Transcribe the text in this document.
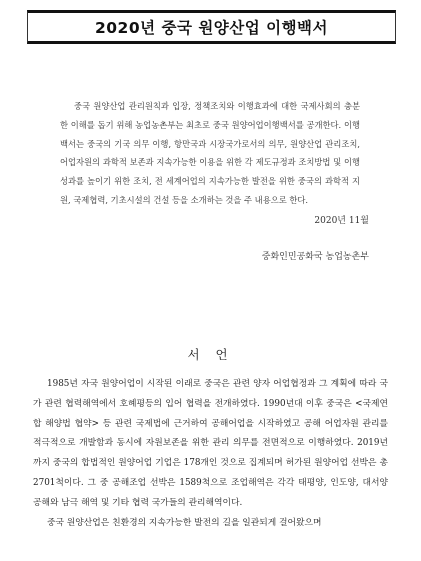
2020년 중국 원양산업 이행백서

중국 원양산업 관리원칙과 입장, 정책조치와 이행효과에 대한 국제사회의 충분한 이해를 돕기 위해 농업농촌부는 최초로 중국 원양어업이행백서를 공개한다. 이행백서는 중국의 기국 의무 이행, 항만국과 시장국가로서의 의무, 원양산업 관리조치, 어업자원의 과학적 보존과 지속가능한 이용을 위한 각 제도규정과 조치방법 및 이행성과를 높이기 위한 조치, 전 세계어업의 지속가능한 발전을 위한 중국의 과학적 지원, 국제협력, 기초시설의 건설 등을 소개하는 것을 주 내용으로 한다.

2020년 11월
중화인민공화국 농업농촌부
서 언

1985년 자국 원양어업이 시작된 이래로 중국은 관련 양자 어업협정과 그 계획에 따라 국가 관련 협력해역에서 호혜평등의 입어 협력을 전개하였다. 1990년대 이후 중국은 <국제연합 해양법 협약> 등 관련 국제법에 근거하여 공해어업을 시작하였고 공해 어업자원 관리를 적극적으로 개발함과 동시에 자원보존을 위한 관리 의무를 전면적으로 이행하였다. 2019년까지 중국의 합법적인 원양어업 기업은 178개인 것으로 집계되며 허가된 원양어업 선박은 총 2701척이다. 그 중 공해조업 선박은 1589척으로 조업해역은 각각 태평양, 인도양, 대서양 공해와 남극 해역 및 기타 협력 국가들의 관리해역이다.

중국 원양산업은 친환경의 지속가능한 발전의 길을 일관되게 걸어왔으며
